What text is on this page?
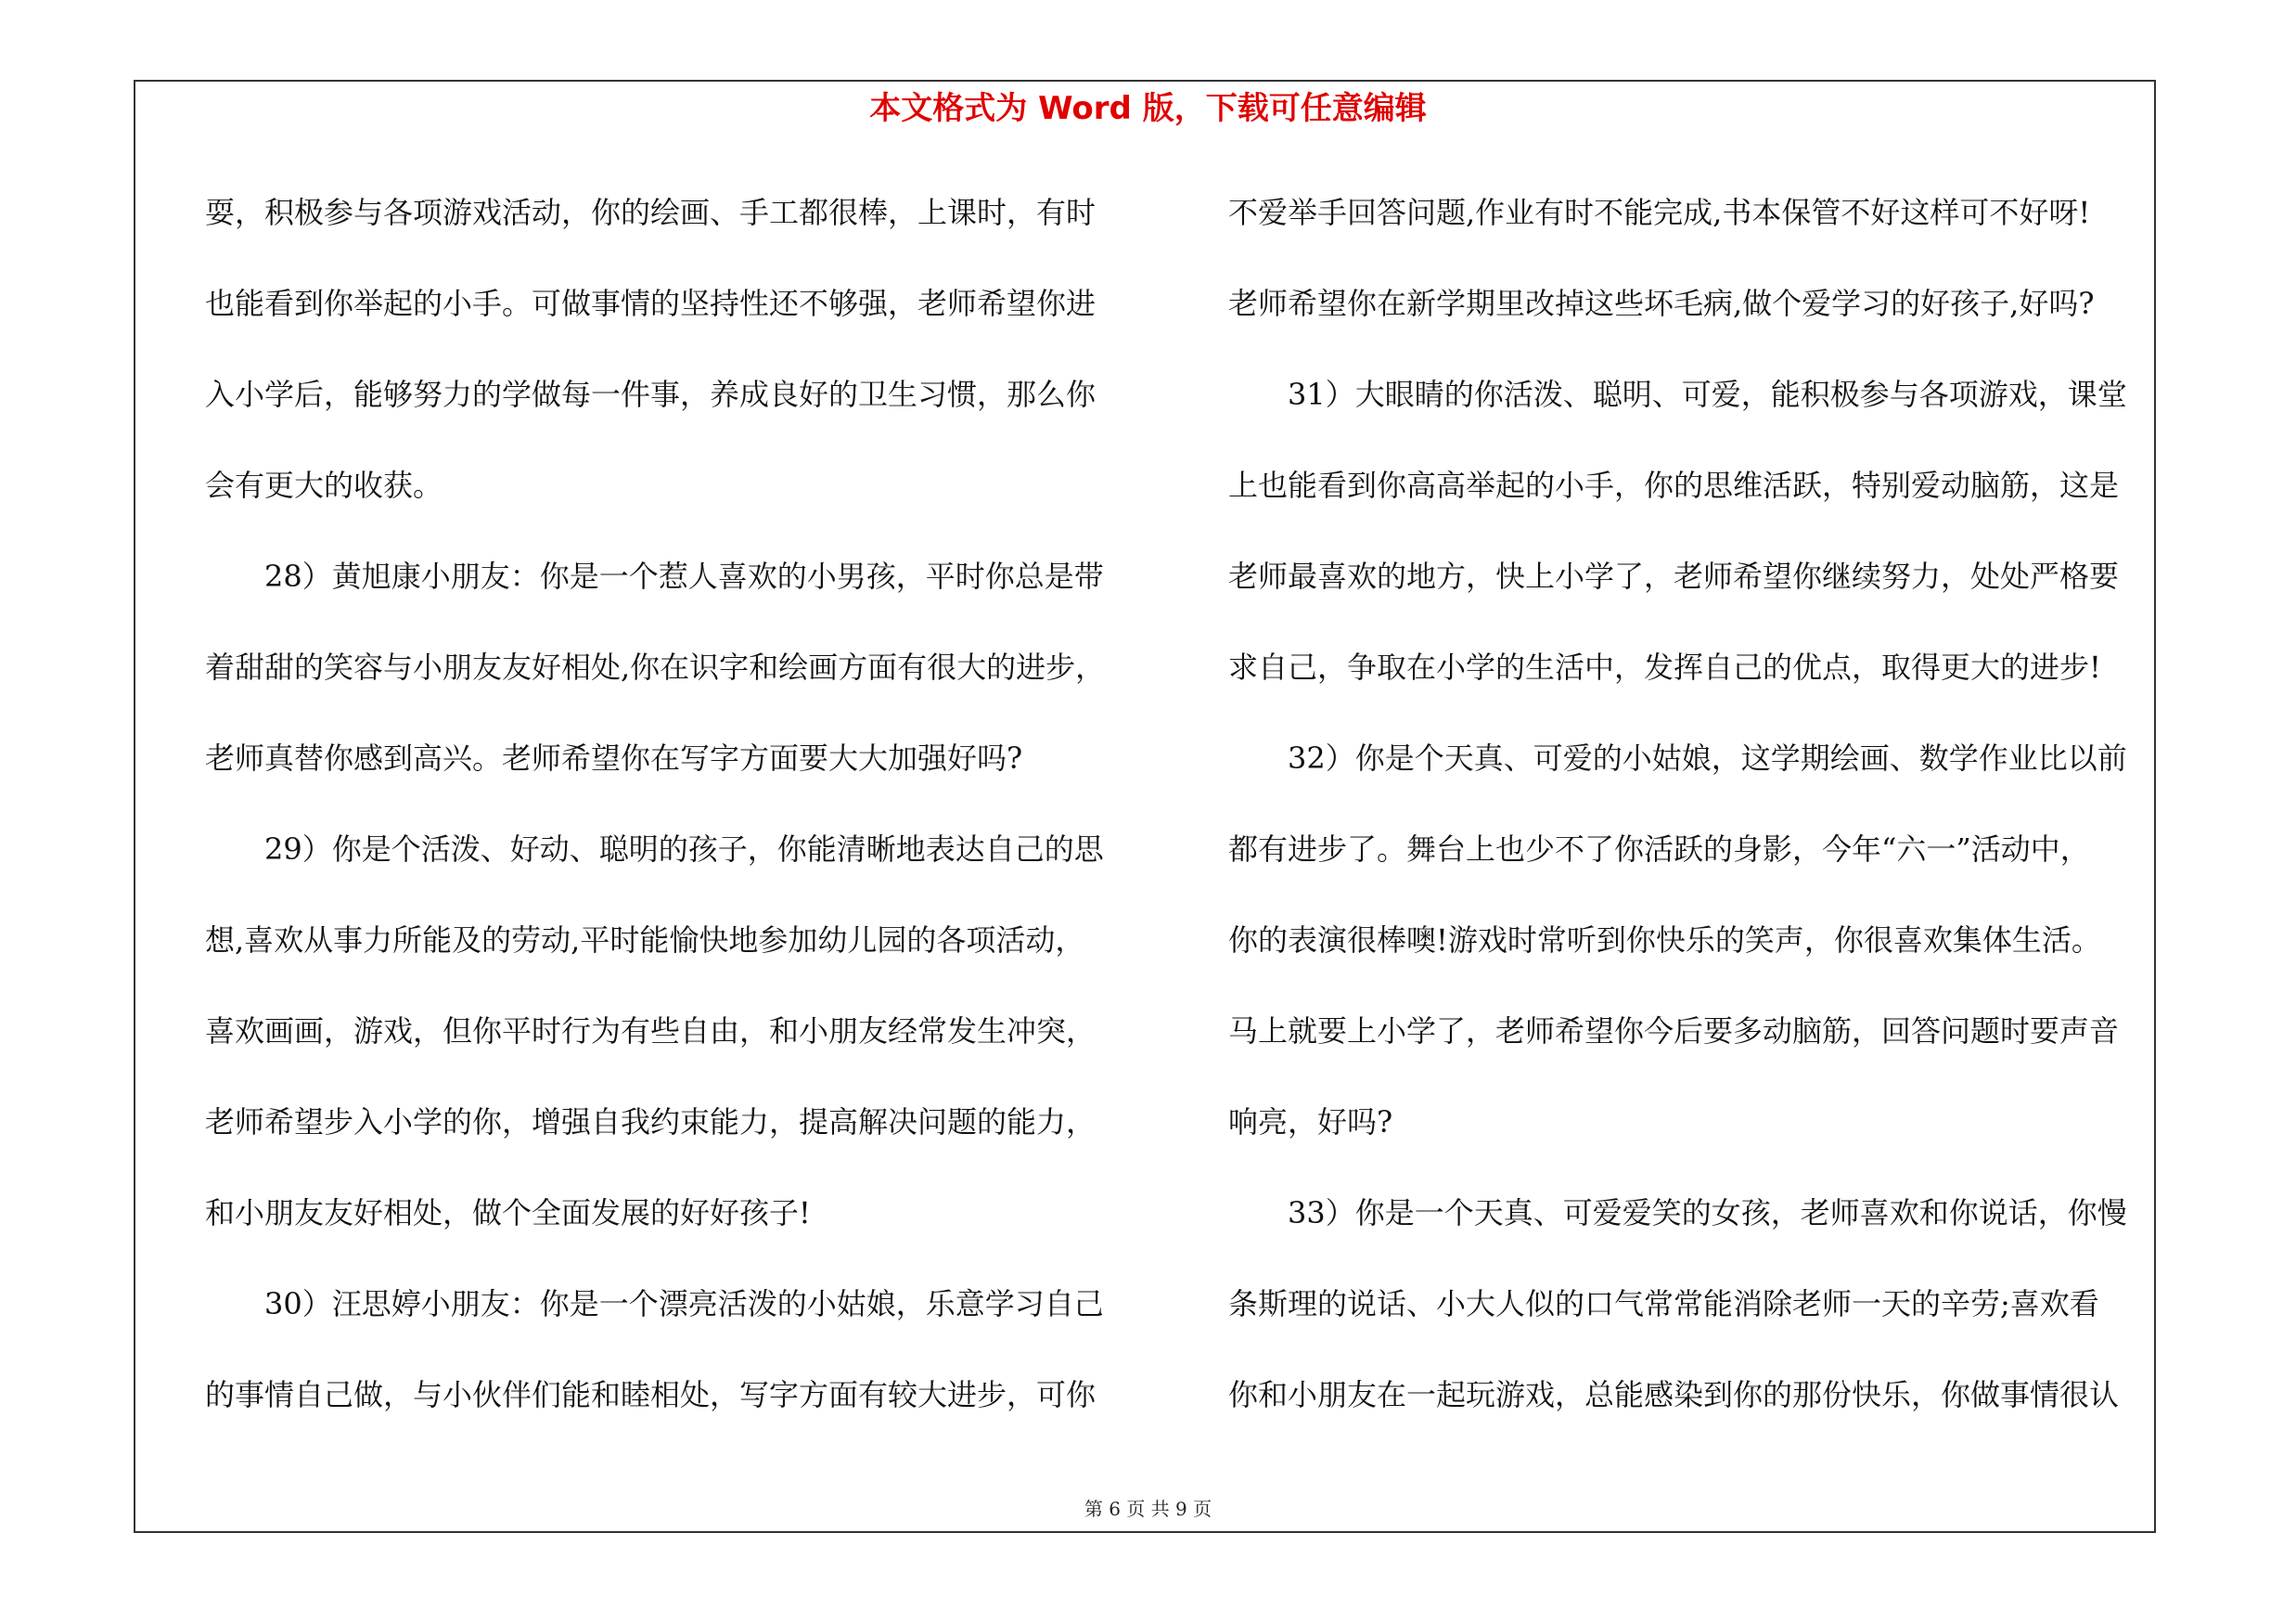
本文格式为 Word 版，下载可任意编辑
耍，积极参与各项游戏活动，你的绘画、手工都很棒，上课时，有时
也能看到你举起的小手。可做事情的坚持性还不够强，老师希望你进
入小学后，能够努力的学做每一件事，养成良好的卫生习惯，那么你
会有更大的收获。
28）黄旭康小朋友：你是一个惹人喜欢的小男孩，平时你总是带
着甜甜的笑容与小朋友友好相处,你在识字和绘画方面有很大的进步，
老师真替你感到高兴。老师希望你在写字方面要大大加强好吗?
29）你是个活泼、好动、聪明的孩子，你能清晰地表达自己的思
想,喜欢从事力所能及的劳动,平时能愉快地参加幼儿园的各项活动，
喜欢画画，游戏，但你平时行为有些自由，和小朋友经常发生冲突，
老师希望步入小学的你，增强自我约束能力，提高解决问题的能力，
和小朋友友好相处，做个全面发展的好好孩子!
30）汪思婷小朋友：你是一个漂亮活泼的小姑娘，乐意学习自己
的事情自己做，与小伙伴们能和睦相处，写字方面有较大进步，可你
不爱举手回答问题,作业有时不能完成,书本保管不好这样可不好呀!
老师希望你在新学期里改掉这些坏毛病,做个爱学习的好孩子,好吗?
31）大眼睛的你活泼、聪明、可爱，能积极参与各项游戏，课堂
上也能看到你高高举起的小手，你的思维活跃，特别爱动脑筋，这是
老师最喜欢的地方，快上小学了，老师希望你继续努力，处处严格要
求自己，争取在小学的生活中，发挥自己的优点，取得更大的进步!
32）你是个天真、可爱的小姑娘，这学期绘画、数学作业比以前
都有进步了。舞台上也少不了你活跃的身影，今年“六一”活动中，
你的表演很棒噢!游戏时常听到你快乐的笑声，你很喜欢集体生活。
马上就要上小学了，老师希望你今后要多动脑筋，回答问题时要声音
响亮，好吗?
33）你是一个天真、可爱爱笑的女孩，老师喜欢和你说话，你慢
条斯理的说话、小大人似的口气常常能消除老师一天的辛劳;喜欢看
你和小朋友在一起玩游戏，总能感染到你的那份快乐，你做事情很认
第 6 页 共 9 页
